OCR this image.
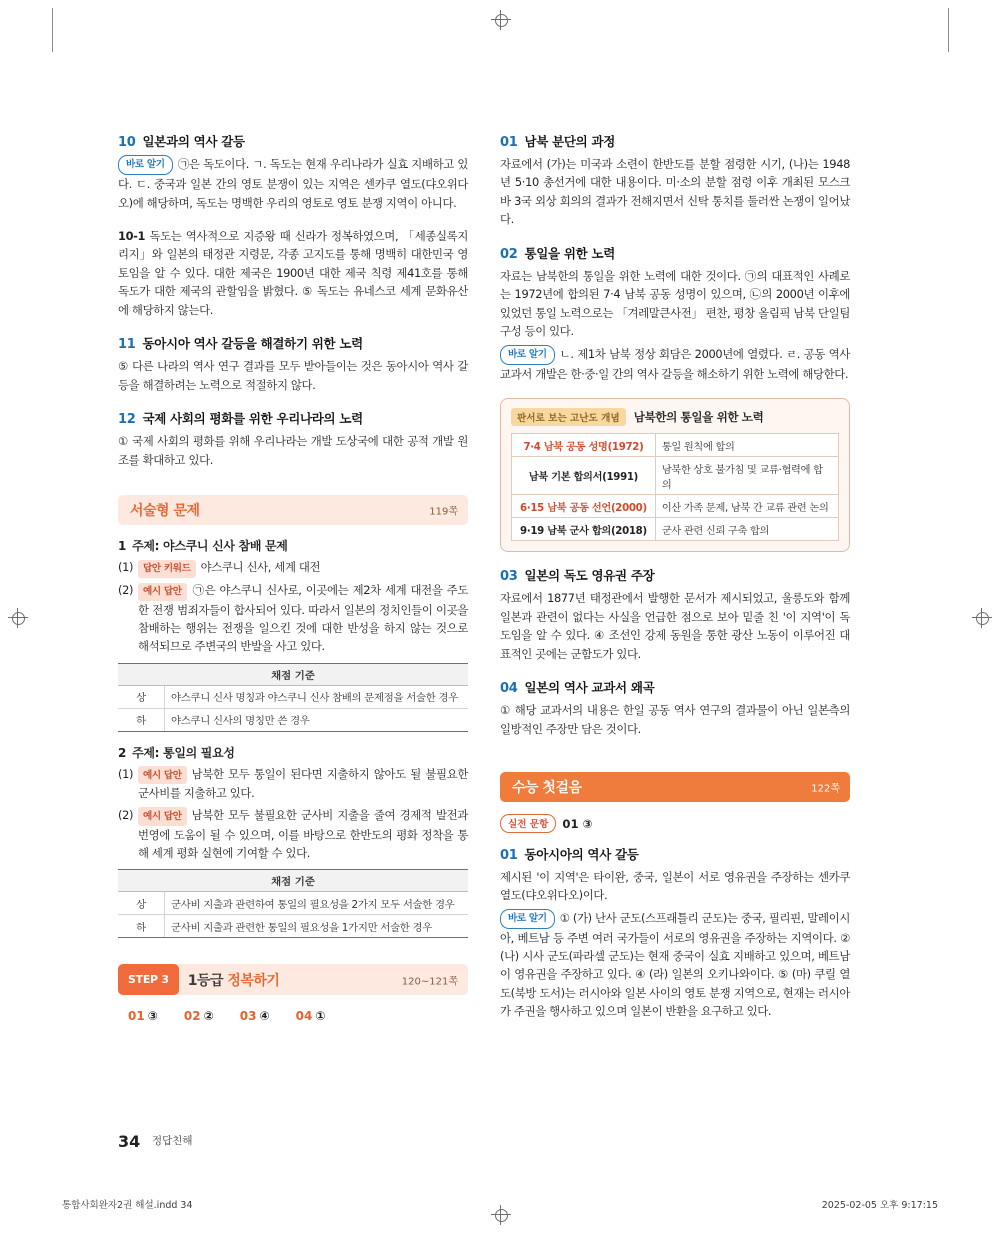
10 일본과의 역사 갈등

바로 알기 ㉠은 독도이다. ㄱ. 독도는 현재 우리나라가 실효 지배하고 있다. ㄷ. 중국과 일본 간의 영토 분쟁이 있는 지역은 센카쿠 열도(댜오위다오)에 해당하며, 독도는 명백한 우리의 영토로 영토 분쟁 지역이 아니다.

10-1 독도는 역사적으로 지증왕 때 신라가 정복하였으며, 「세종실록지리지」와 일본의 태정관 지령문, 각종 고지도를 통해 명백히 대한민국 영토임을 알 수 있다. 대한 제국은 1900년 대한 제국 칙령 제41호를 통해 독도가 대한 제국의 관할임을 밝혔다. ⑤ 독도는 유네스코 세계 문화유산에 해당하지 않는다.

11 동아시아 역사 갈등을 해결하기 위한 노력

⑤ 다른 나라의 역사 연구 결과를 모두 받아들이는 것은 동아시아 역사 갈등을 해결하려는 노력으로 적절하지 않다.

12 국제 사회의 평화를 위한 우리나라의 노력

① 국제 사회의 평화를 위해 우리나라는 개발 도상국에 대한 공적 개발 원조를 확대하고 있다.

서술형 문제	119쪽
1 주제: 야스쿠니 신사 참배 문제
(1)	답안 키워드 야스쿠니 신사, 세계 대전
(2)	예시 답안 ㉠은 야스쿠니 신사로, 이곳에는 제2차 세계 대전을 주도한 전쟁 범죄자들이 합사되어 있다. 따라서 일본의 정치인들이 이곳을 참배하는 행위는 전쟁을 일으킨 것에 대한 반성을 하지 않는 것으로 해석되므로 주변국의 반발을 사고 있다.
채점 기준	
상	야스쿠니 신사 명칭과 야스쿠니 신사 참배의 문제점을 서술한 경우
하	야스쿠니 신사의 명칭만 쓴 경우
2 주제: 통일의 필요성
(1)	예시 답안 남북한 모두 통일이 된다면 지출하지 않아도 될 불필요한 군사비를 지출하고 있다.
(2)	예시 답안 남북한 모두 불필요한 군사비 지출을 줄여 경제적 발전과 번영에 도움이 될 수 있으며, 이를 바탕으로 한반도의 평화 정착을 통해 세계 평화 실현에 기여할 수 있다.
채점 기준	
상	군사비 지출과 관련하여 통일의 필요성을 2가지 모두 서술한 경우
하	군사비 지출과 관련한 통일의 필요성을 1가지만 서술한 경우
STEP 3	1등급 정복하기	120~121쪽
01 ③ 02 ② 03 ④ 04 ①
01 남북 분단의 과정

자료에서 (가)는 미국과 소련이 한반도를 분할 점령한 시기, (나)는 1948년 5·10 총선거에 대한 내용이다. 미·소의 분할 점령 이후 개최된 모스크바 3국 외상 회의의 결과가 전해지면서 신탁 통치를 둘러싼 논쟁이 일어났다.

02 통일을 위한 노력

자료는 남북한의 통일을 위한 노력에 대한 것이다. ㉠의 대표적인 사례로는 1972년에 합의된 7·4 남북 공동 성명이 있으며, ㉡의 2000년 이후에 있었던 통일 노력으로는 「겨레말큰사전」 편찬, 평창 올림픽 남북 단일팀 구성 등이 있다.

바로 알기 ㄴ. 제1차 남북 정상 회담은 2000년에 열렸다. ㄹ. 공동 역사 교과서 개발은 한·중·일 간의 역사 갈등을 해소하기 위한 노력에 해당한다.

판서로 보는 고난도 개념	남북한의 통일을 위한 노력
7·4 남북 공동 성명(1972)	통일 원칙에 합의
남북 기본 합의서(1991)	남북한 상호 불가침 및 교류·협력에 합의
6·15 남북 공동 선언(2000)	이산 가족 문제, 남북 간 교류 관련 논의
9·19 남북 군사 합의(2018)	군사 관련 신뢰 구축 합의
03 일본의 독도 영유권 주장

자료에서 1877년 태정관에서 발행한 문서가 제시되었고, 울릉도와 함께 일본과 관련이 없다는 사실을 언급한 점으로 보아 밑줄 친 '이 지역'이 독도임을 알 수 있다. ④ 조선인 강제 동원을 통한 광산 노동이 이루어진 대표적인 곳에는 군함도가 있다.

04 일본의 역사 교과서 왜곡

① 해당 교과서의 내용은 한일 공동 역사 연구의 결과물이 아닌 일본측의 일방적인 주장만 담은 것이다.

수능 첫걸음	122쪽
실전 문항 01 ③
01 동아시아의 역사 갈등

제시된 '이 지역'은 타이완, 중국, 일본이 서로 영유권을 주장하는 센카쿠 열도(댜오위다오)이다.

바로 알기 ① (가) 난사 군도(스프래틀리 군도)는 중국, 필리핀, 말레이시아, 베트남 등 주변 여러 국가들이 서로의 영유권을 주장하는 지역이다. ② (나) 시사 군도(파라셀 군도)는 현재 중국이 실효 지배하고 있으며, 베트남이 영유권을 주장하고 있다. ④ (라) 일본의 오키나와이다. ⑤ (마) 쿠릴 열도(북방 도서)는 러시아와 일본 사이의 영토 분쟁 지역으로, 현재는 러시아가 주권을 행사하고 있으며 일본이 반환을 요구하고 있다.

34 정답친해
통합사회완자2권 해설.indd 34	2025-02-05 오후 9:17:15
